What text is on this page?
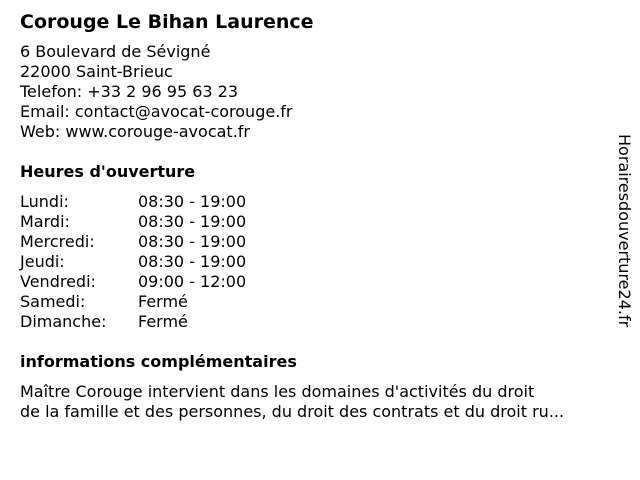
Corouge Le Bihan Laurence
6 Boulevard de Sévigné
22000 Saint-Brieuc
Telefon: +33 2 96 95 63 23
Email: contact@avocat-corouge.fr
Web: www.corouge-avocat.fr
Heures d'ouverture
Lundi:	08:30 - 19:00
Mardi:	08:30 - 19:00
Mercredi:	08:30 - 19:00
Jeudi:	08:30 - 19:00
Vendredi:	09:00 - 12:00
Samedi:	Fermé
Dimanche:	Fermé
informations complémentaires
Maître Corouge intervient dans les domaines d'activités du droit
de la famille et des personnes, du droit des contrats et du droit ru...
Horairesdouverture24.fr
